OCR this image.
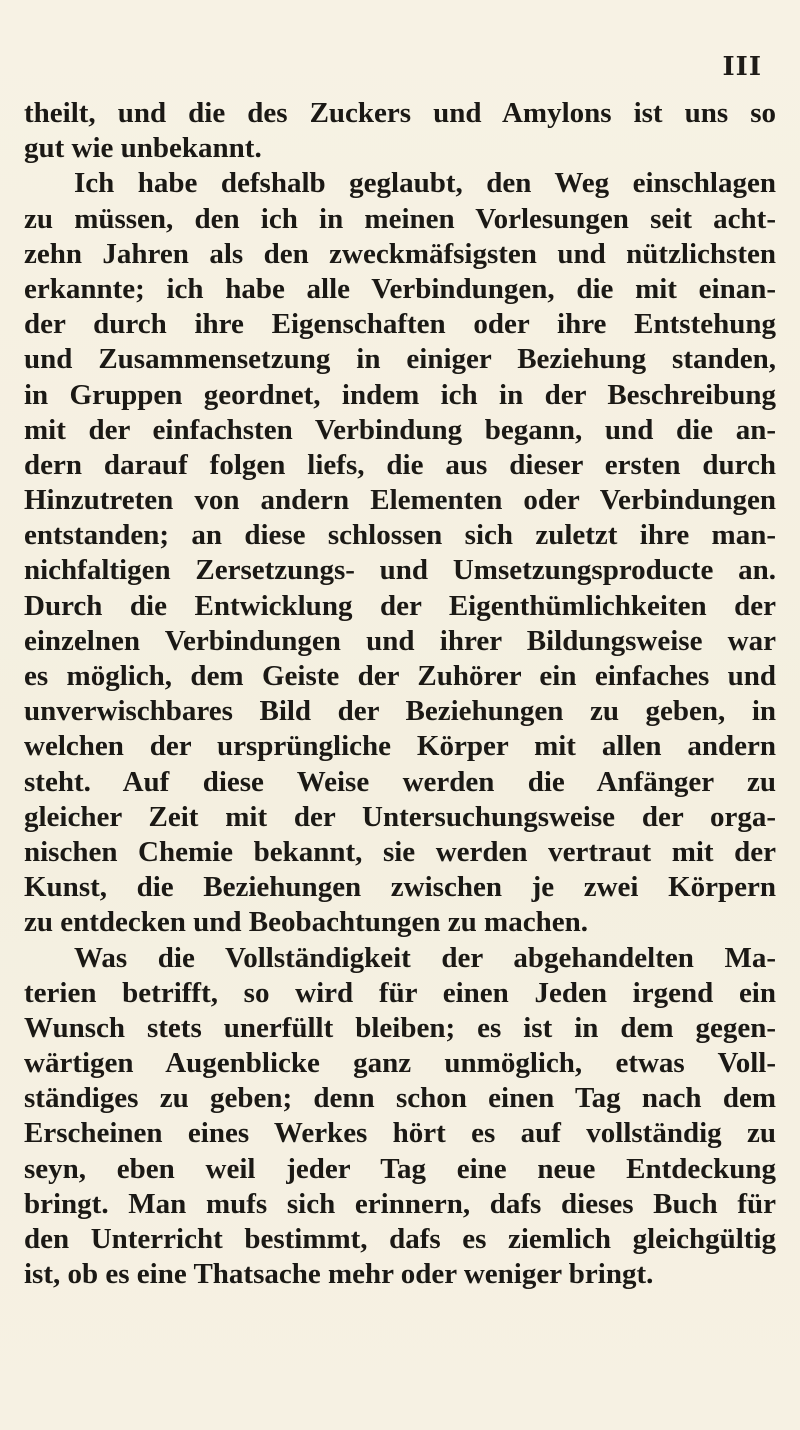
III
theilt, und die des Zuckers und Amylons ist uns so
gut wie unbekannt.
Ich habe defshalb geglaubt, den Weg einschlagen
zu müssen, den ich in meinen Vorlesungen seit acht-
zehn Jahren als den zweckmäfsigsten und nützlichsten
erkannte; ich habe alle Verbindungen, die mit einan-
der durch ihre Eigenschaften oder ihre Entstehung
und Zusammensetzung in einiger Beziehung standen,
in Gruppen geordnet, indem ich in der Beschreibung
mit der einfachsten Verbindung begann, und die an-
dern darauf folgen liefs, die aus dieser ersten durch
Hinzutreten von andern Elementen oder Verbindungen
entstanden; an diese schlossen sich zuletzt ihre man-
nichfaltigen Zersetzungs- und Umsetzungsproducte an.
Durch die Entwicklung der Eigenthümlichkeiten der
einzelnen Verbindungen und ihrer Bildungsweise war
es möglich, dem Geiste der Zuhörer ein einfaches und
unverwischbares Bild der Beziehungen zu geben, in
welchen der ursprüngliche Körper mit allen andern
steht. Auf diese Weise werden die Anfänger zu
gleicher Zeit mit der Untersuchungsweise der orga-
nischen Chemie bekannt, sie werden vertraut mit der
Kunst, die Beziehungen zwischen je zwei Körpern
zu entdecken und Beobachtungen zu machen.
Was die Vollständigkeit der abgehandelten Ma-
terien betrifft, so wird für einen Jeden irgend ein
Wunsch stets unerfüllt bleiben; es ist in dem gegen-
wärtigen Augenblicke ganz unmöglich, etwas Voll-
ständiges zu geben; denn schon einen Tag nach dem
Erscheinen eines Werkes hört es auf vollständig zu
seyn, eben weil jeder Tag eine neue Entdeckung
bringt. Man mufs sich erinnern, dafs dieses Buch für
den Unterricht bestimmt, dafs es ziemlich gleichgültig
ist, ob es eine Thatsache mehr oder weniger bringt.
